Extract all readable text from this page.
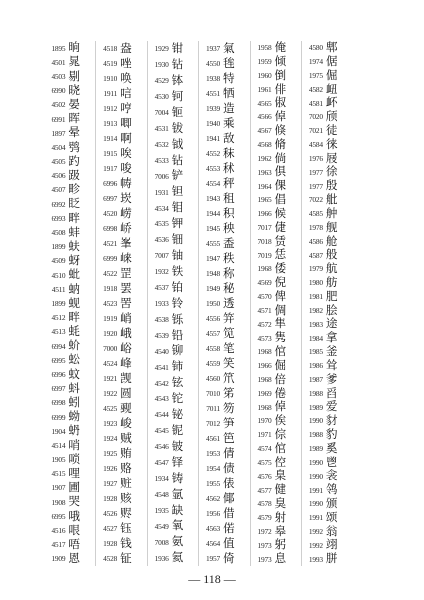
1895 晌
4501 晁
4503 剔
6990 晓
4502 晏
6991 晖
1897 晕
4504 鸮
4505 趵
4506 趿
4507 畛
6992 眨
6993 畔
4508 蚌
1899 蚨
4509 蚜
4510 蚍
4511 蚋
1899 蚬
4512 畔
4513 蚝
6994 蚧
6995 蚣
6996 蚊
6997 蚪
6998 蚓
6999 蚴
1904 蚒
4514 哨
1905 唢
4515 哩
1907 圃
1908 哭
6995 哦
4516 哏
4517 唔
1909 恩
4518 盎
4519 唑
1910 唤
1911 唁
1912 哼
1913 唧
1914 啊
1915 唉
1917 唆
6996 帱
6997 崁
4520 崂
6998 峤
4521 峯
6999 崃
4522 罡
1918 罢
4523 罟
1919 峭
1920 峨
7000 峪
4524 峰
1921 觊
1922 圆
4525 觋
1923 峻
1924 贼
1925 贿
1926 赂
1927 赃
1928 赅
4526 赆
4527 钰
1928 钱
4528 钲
1929 钳
1930 钻
4529 钵
4530 钶
7004 钷
4531 钹
4532 钺
4533 钻
7006 铲
1931 钽
4534 钼
4535 钾
4536 钿
7007 铀
1932 铁
4537 铂
1933 铃
4538 铄
4539 铅
4540 铆
4541 铈
4542 铉
4543 铊
4544 铋
4545 铌
4546 铍
4547 铎
1934 铸
4548 氩
1935 缺
4549 氧
7008 氨
1936 氦
1937 氣
4550 毪
1938 特
4551 牺
1939 造
1940 乘
1941 敌
4552 秣
4553 秫
4554 秤
1943 租
1944 积
1945 秧
4555 盉
1947 秩
1948 称
1949 秘
1950 透
4556 笄
4557 笕
4558 笔
4559 笑
4560 笊
7010 笫
7011 笏
7012 笋
4561 笆
1953 倩
1954 债
1955 俵
4562 倻
1956 借
4563 偌
4564 值
1957 倚
1958 俺
1959 倾
1960 倒
1961 俳
4565 俶
4566 倬
4567 倏
4568 脩
1962 倘
1963 俱
1964 倮
1965 倡
1966 候
7017 倢
7018 赁
7019 恁
1968 倭
4569 倪
4570 俾
4571 倜
4572 隼
4573 隽
1968 倌
1966 倔
1968 倍
1969 倦
1968 倬
1970 俟
1971 倧
4574 倌
4575 倥
4576 臬
4577 健
4578 臭
4579 射
1972 皋
1973 躬
1973 息
4580 郫
1974 倨
1975 倔
4582 衄
4581 衃
7020 颀
7021 徒
4584 徕
1976 屐
1977 徐
1977 殷
7022 舭
4585 舯
1978 舰
4586 舱
4587 般
1979 航
1980 舫
1981 肥
1982 脍
1983 途
1984 拿
1985 釜
1986 耸
1987 爹
1988 舀
1989 爱
1990 豺
1988 豹
1989 奚
1990 鬯
1990 衾
1991 鸰
1990 颁
1991 颂
1992 翁
1992 翊
1993 胼
— 118 —
